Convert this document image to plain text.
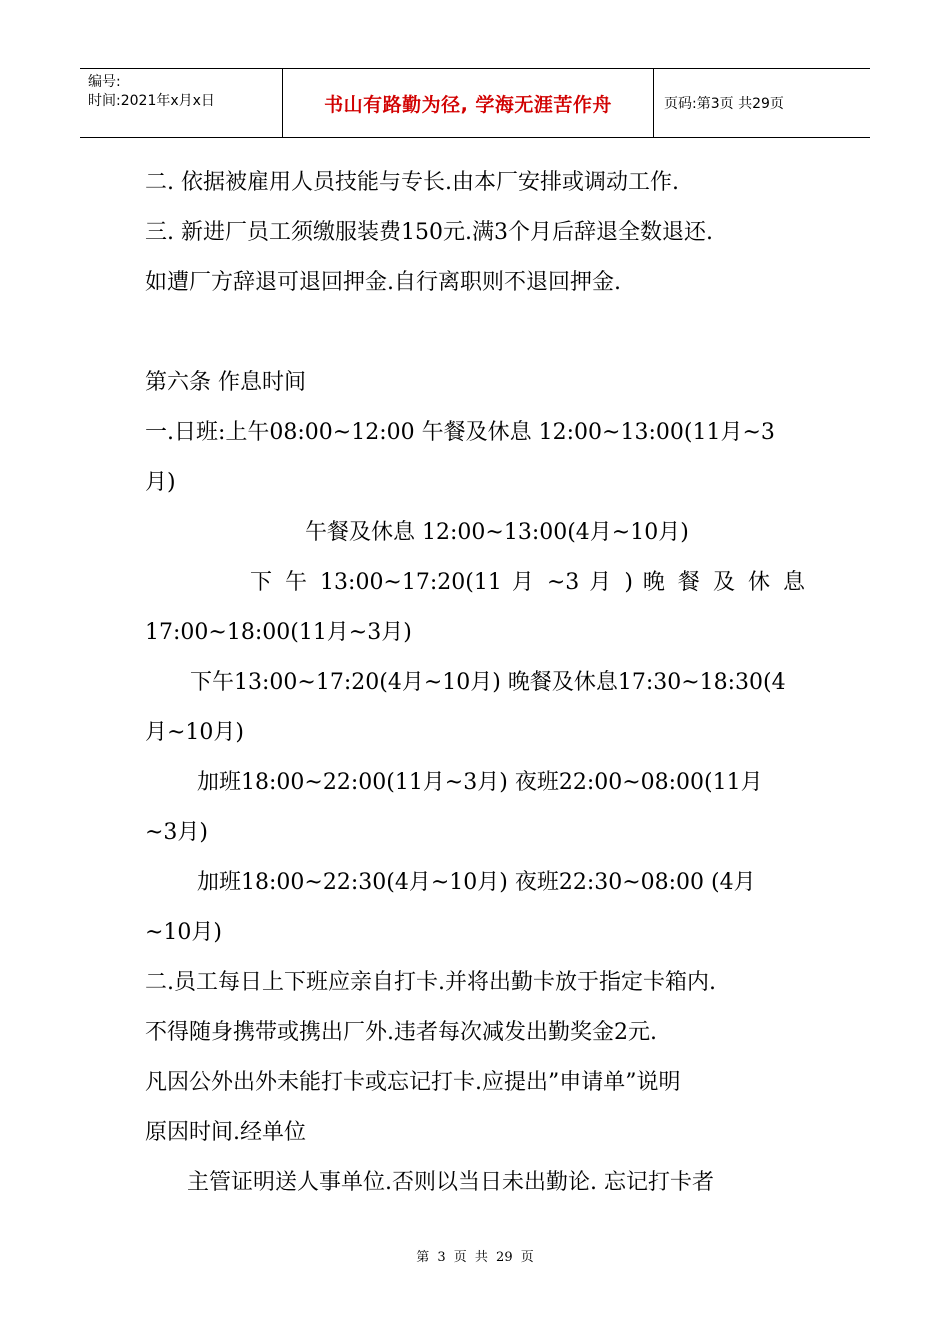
编号:
时间:2021年x月x日	书山有路勤为径, 学海无涯苦作舟	页码:第3页 共29页
二. 依据被雇用人员技能与专长.由本厂安排或调动工作.
三. 新进厂员工须缴服装费150元.满3个月后辞退全数退还.
如遭厂方辞退可退回押金.自行离职则不退回押金.
第六条 作息时间
一.日班:上午08:00~12:00 午餐及休息 12:00~13:00(11月~3
月)
午餐及休息 12:00~13:00(4月~10月)
下 午 13:00~17:20(11 月 ~3 月 ) 晚 餐 及 休 息
17:00~18:00(11月~3月)
下午13:00~17:20(4月~10月) 晚餐及休息17:30~18:30(4
月~10月)
加班18:00~22:00(11月~3月) 夜班22:00~08:00(11月
~3月)
加班18:00~22:30(4月~10月) 夜班22:30~08:00 (4月
~10月)
二.员工每日上下班应亲自打卡.并将出勤卡放于指定卡箱内.
不得随身携带或携出厂外.违者每次减发出勤奖金2元.
凡因公外出外未能打卡或忘记打卡.应提出”申请单”说明
原因时间.经单位
主管证明送人事单位.否则以当日未出勤论. 忘记打卡者
第 3 页 共 29 页
